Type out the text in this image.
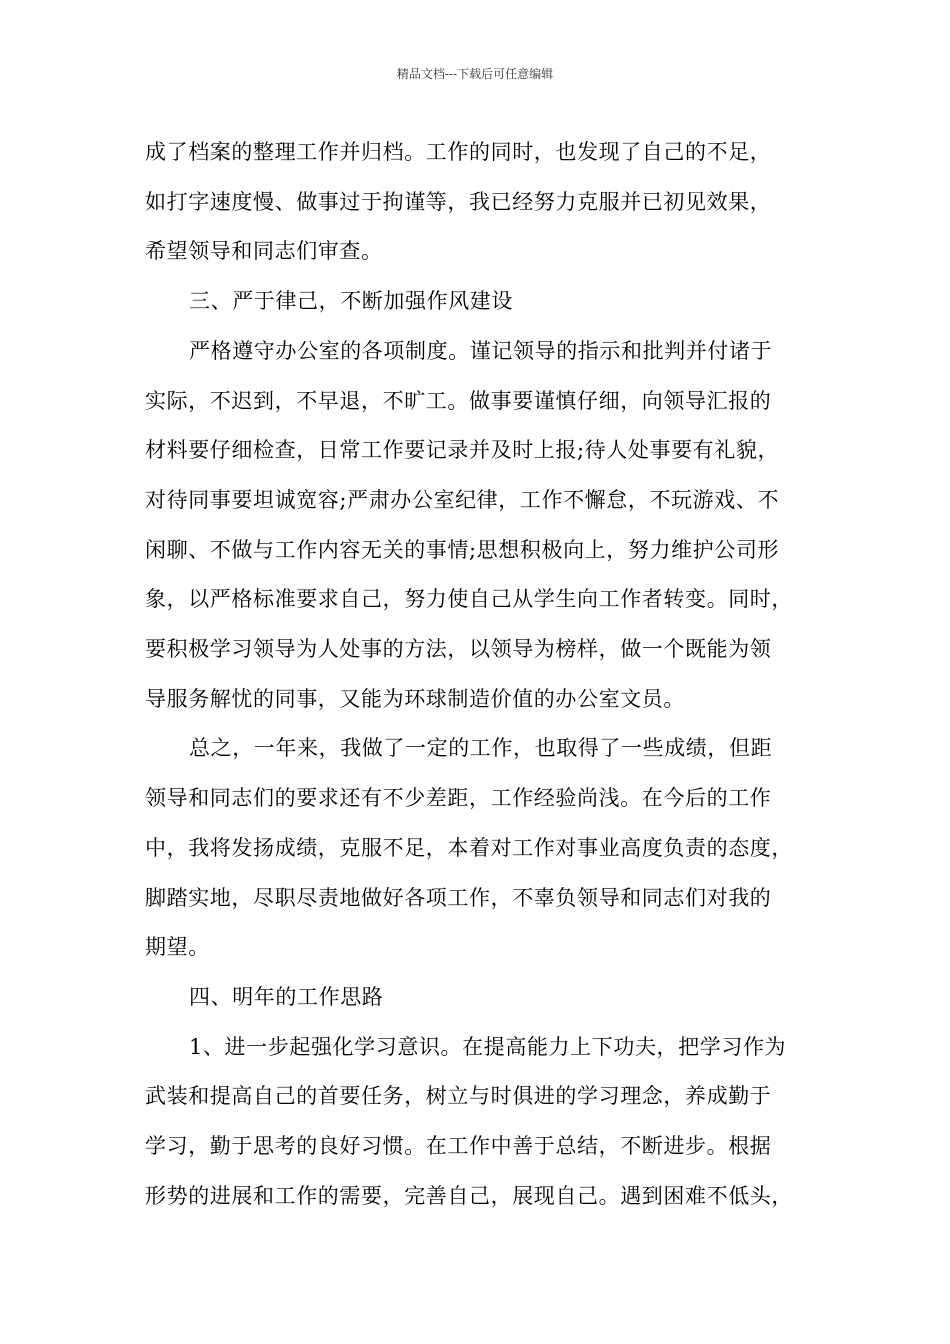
精品文档---下载后可任意编辑

成了档案的整理工作并归档。工作的同时，也发现了自己的不足，

如打字速度慢、做事过于拘谨等，我已经努力克服并已初见效果，

希望领导和同志们审查。

三、严于律己，不断加强作风建设

严格遵守办公室的各项制度。谨记领导的指示和批判并付诸于

实际，不迟到，不早退，不旷工。做事要谨慎仔细，向领导汇报的

材料要仔细检查，日常工作要记录并及时上报;待人处事要有礼貌，

对待同事要坦诚宽容;严肃办公室纪律，工作不懈怠，不玩游戏、不

闲聊、不做与工作内容无关的事情;思想积极向上，努力维护公司形

象，以严格标准要求自己，努力使自己从学生向工作者转变。同时，

要积极学习领导为人处事的方法，以领导为榜样，做一个既能为领

导服务解忧的同事，又能为环球制造价值的办公室文员。

总之，一年来，我做了一定的工作，也取得了一些成绩，但距

领导和同志们的要求还有不少差距，工作经验尚浅。在今后的工作

中，我将发扬成绩，克服不足，本着对工作对事业高度负责的态度，

脚踏实地，尽职尽责地做好各项工作，不辜负领导和同志们对我的

期望。

四、明年的工作思路

1、进一步起强化学习意识。在提高能力上下功夫，把学习作为

武装和提高自己的首要任务，树立与时俱进的学习理念，养成勤于

学习，勤于思考的良好习惯。在工作中善于总结，不断进步。根据

形势的进展和工作的需要，完善自己，展现自己。遇到困难不低头，
